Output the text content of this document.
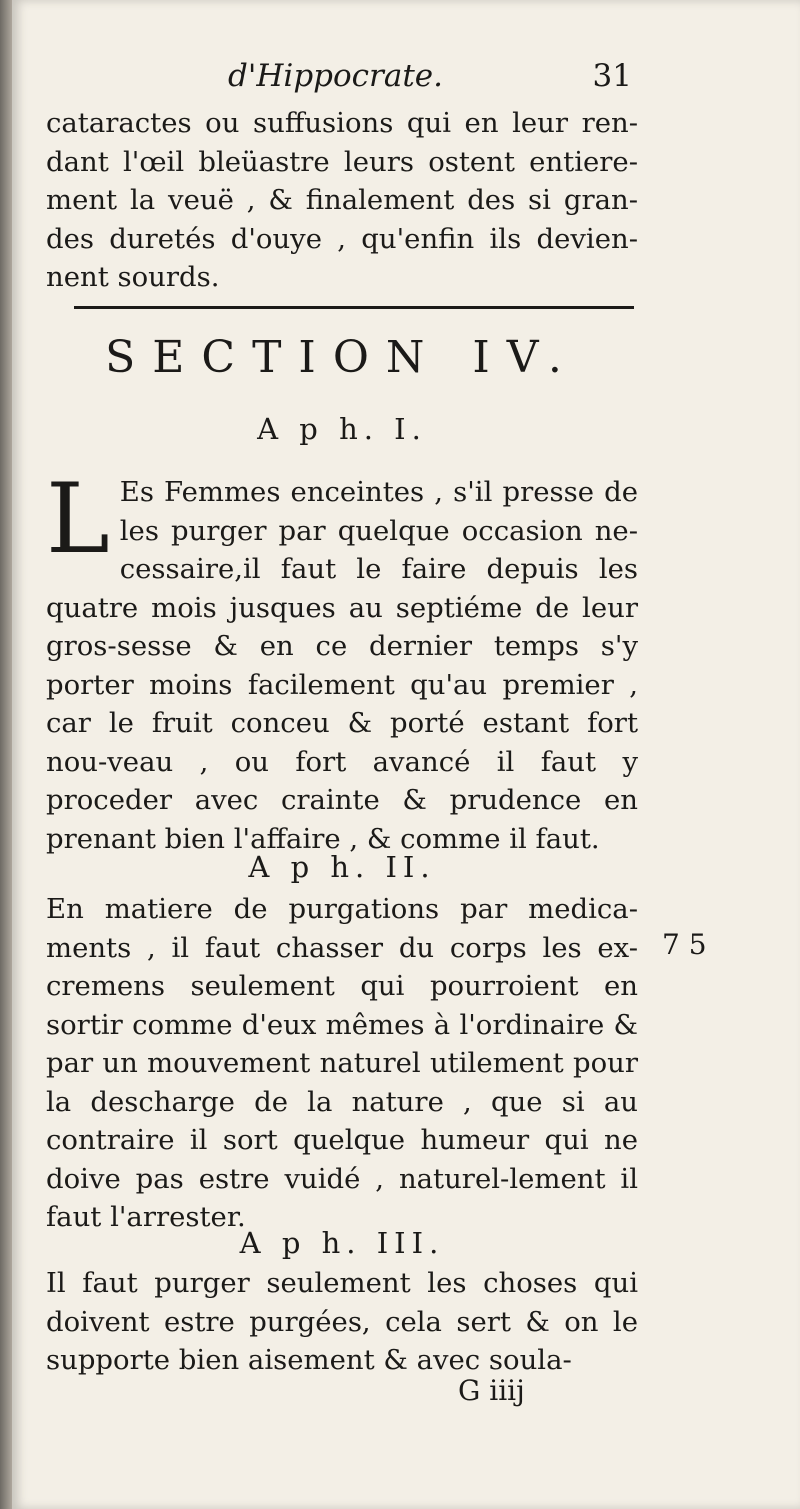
d'Hippocrate.	31

cataractes ou suffusions qui en leur ren-dant l'œil bleüastre leurs ostent entiere-ment la veuë , & finalement des si gran-des duretés d'ouye , qu'enfin ils devien-nent sourds.

SECTION IV.
A p h. I.

L Es Femmes enceintes , s'il presse de les purger par quelque occasion ne-cessaire,il faut le faire depuis les quatre mois jusques au septiéme de leur gros-sesse & en ce dernier temps s'y porter moins facilement qu'au premier , car le fruit conceu & porté estant fort nou-veau , ou fort avancé il faut y proceder avec crainte & prudence en prenant bien l'affaire , & comme il faut.

A p h. II.

En matiere de purgations par medica-ments , il faut chasser du corps les ex-cremens seulement qui pourroient en sortir comme d'eux mêmes à l'ordinaire & par un mouvement naturel utilement pour la descharge de la nature , que si au contraire il sort quelque humeur qui ne doive pas estre vuidé , naturel-lement il faut l'arrester.

A p h. III.

Il faut purger seulement les choses qui doivent estre purgées, cela sert & on le supporte bien aisement & avec soula-

G iiij
7 5
